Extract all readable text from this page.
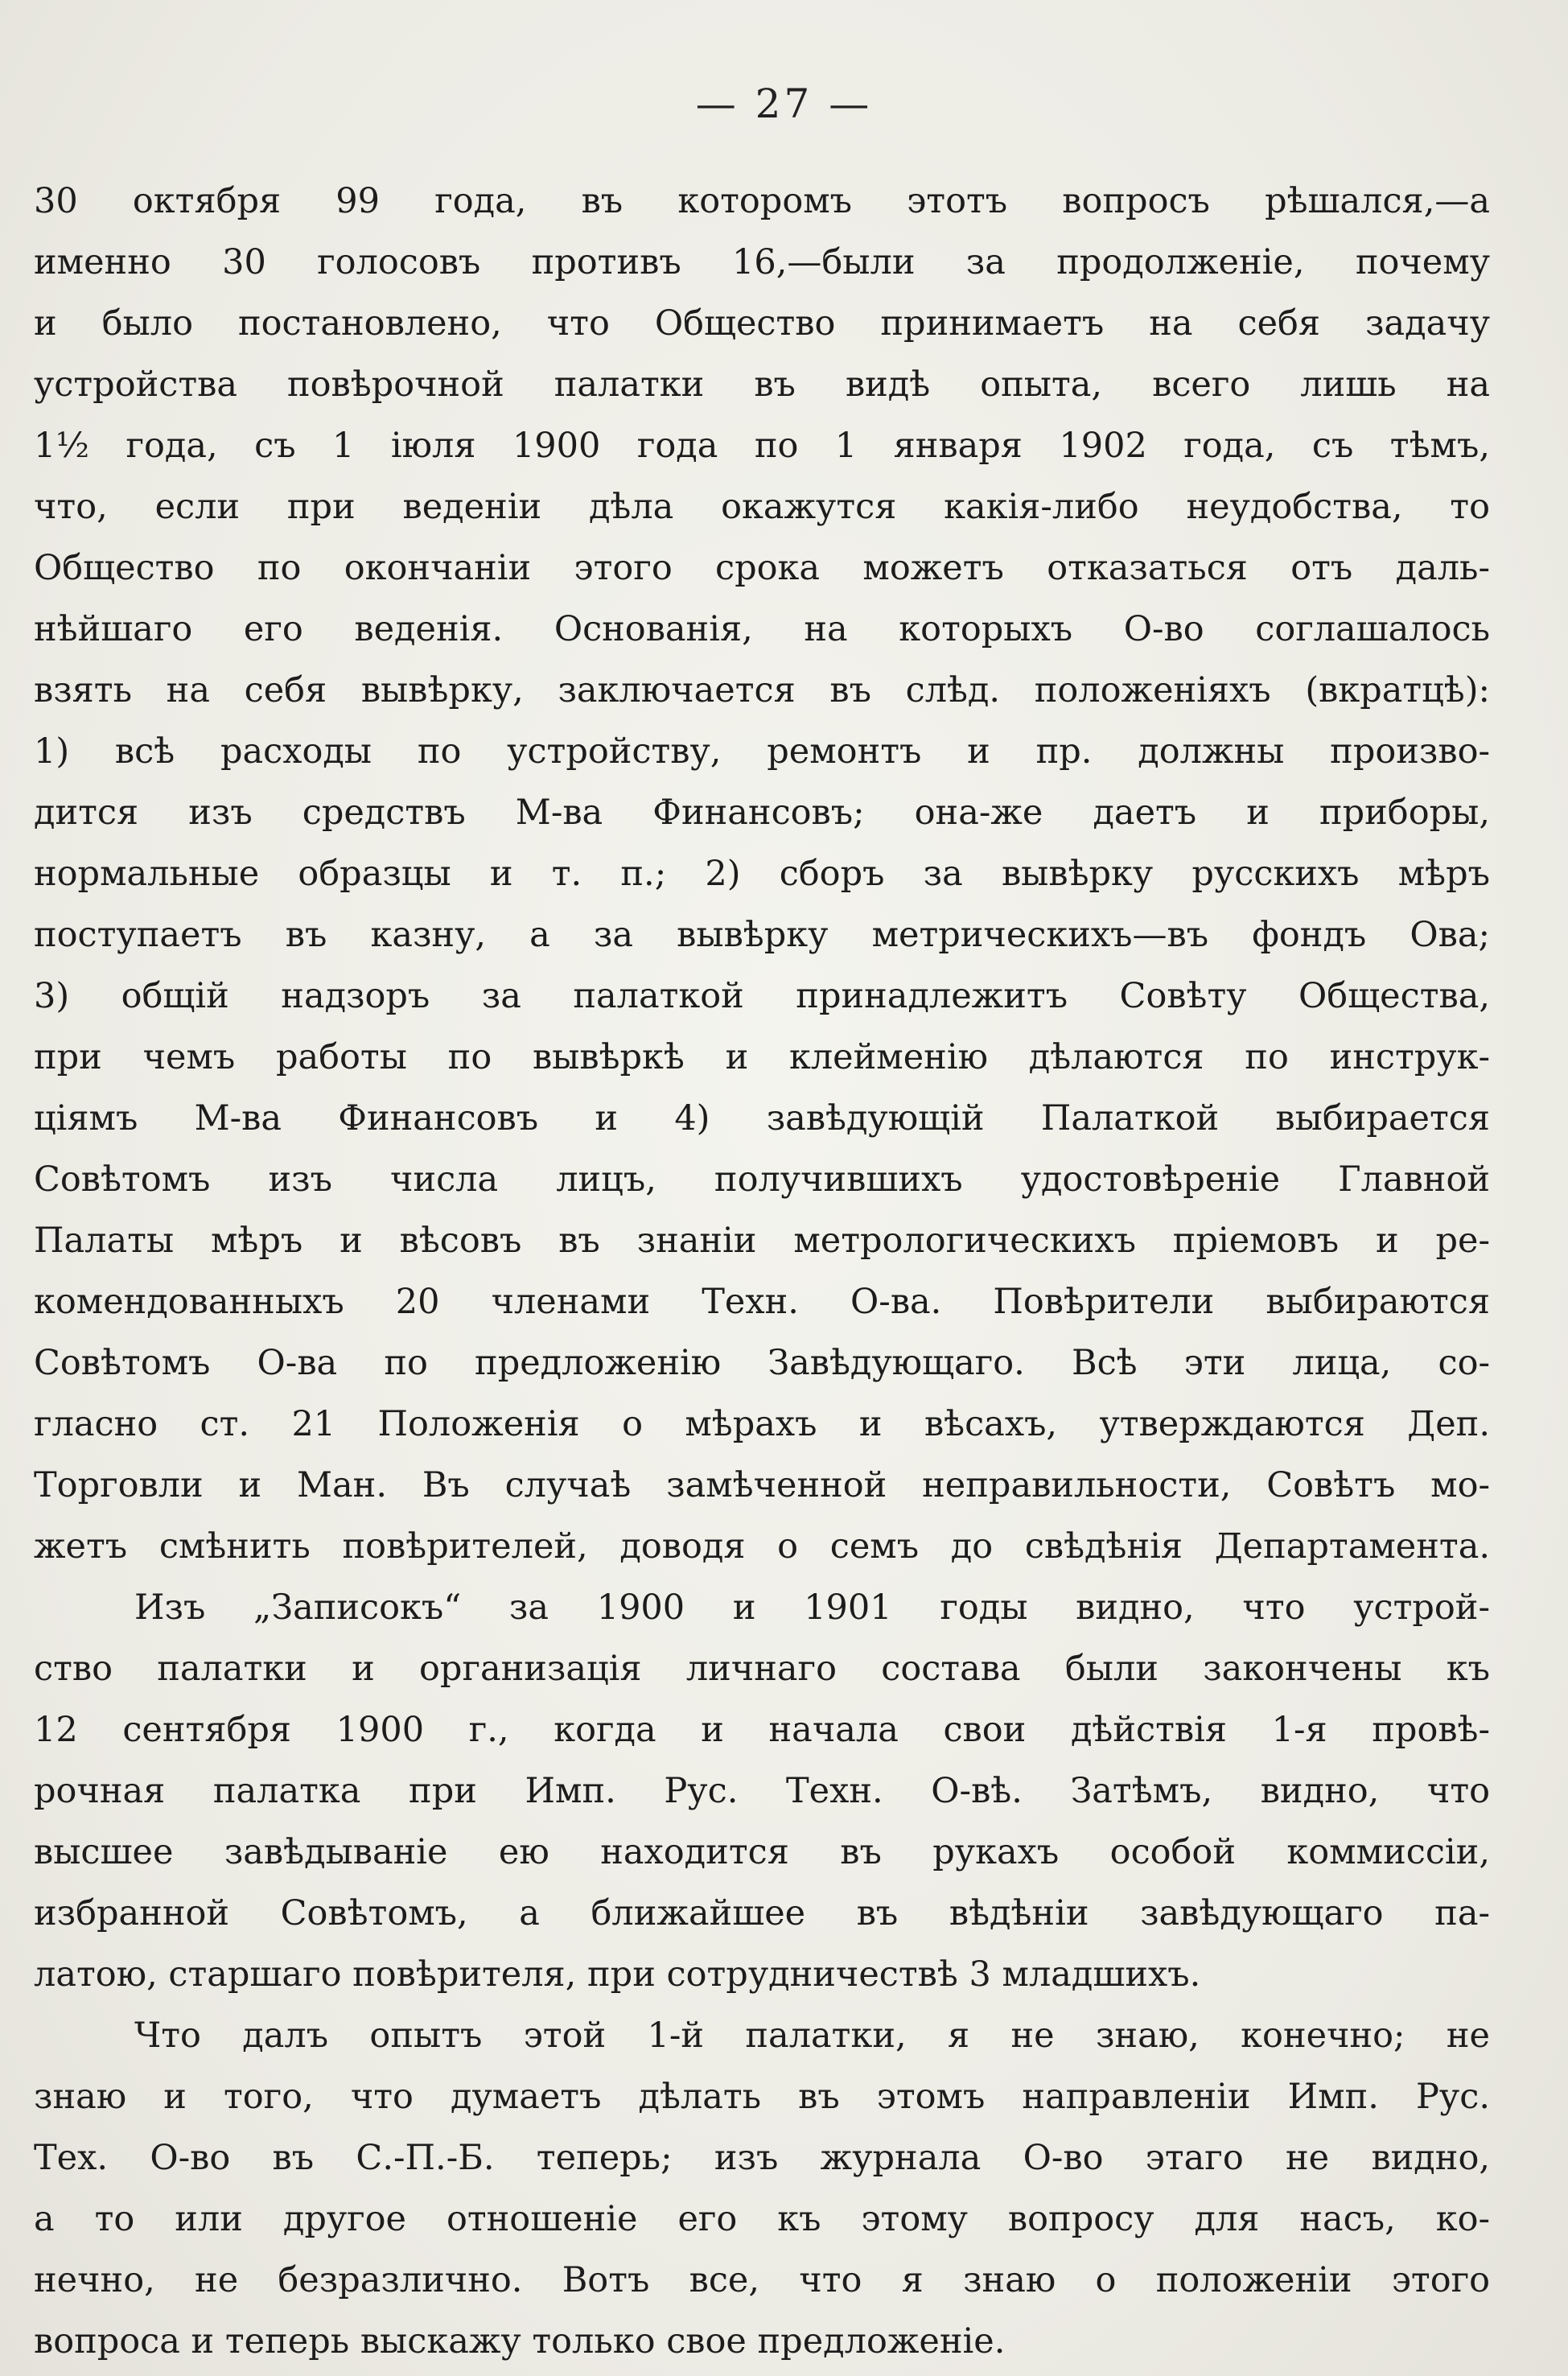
— 27 —

30 октября 99 года, въ которомъ этотъ вопросъ рѣшался,—а
именно 30 голосовъ противъ 16,—были за продолженіе, почему
и было постановлено, что Общество принимаетъ на себя задачу
устройства повѣрочной палатки въ видѣ опыта, всего лишь на
1½ года, съ 1 іюля 1900 года по 1 января 1902 года, съ тѣмъ,
что, если при веденіи дѣла окажутся какія-либо неудобства, то
Общество по окончаніи этого срока можетъ отказаться отъ даль-
нѣйшаго его веденія. Основанія, на которыхъ О-во соглашалось
взять на себя вывѣрку, заключается въ слѣд. положеніяхъ (вкратцѣ):
1) всѣ расходы по устройству, ремонтъ и пр. должны произво-
дится изъ средствъ М-ва Финансовъ; она-же даетъ и приборы,
нормальные образцы и т. п.; 2) сборъ за вывѣрку русскихъ мѣръ
поступаетъ въ казну, а за вывѣрку метрическихъ—въ фондъ Ова;
3) общій надзоръ за палаткой принадлежитъ Совѣту Общества,
при чемъ работы по вывѣркѣ и клейменію дѣлаются по инструк-
ціямъ М-ва Финансовъ и 4) завѣдующій Палаткой выбирается
Совѣтомъ изъ числа лицъ, получившихъ удостовѣреніе Главной
Палаты мѣръ и вѣсовъ въ знаніи метрологическихъ пріемовъ и ре-
комендованныхъ 20 членами Техн. О-ва. Повѣрители выбираются
Совѣтомъ О-ва по предложенію Завѣдующаго. Всѣ эти лица, со-
гласно ст. 21 Положенія о мѣрахъ и вѣсахъ, утверждаются Деп.
Торговли и Ман. Въ случаѣ замѣченной неправильности, Совѣтъ мо-
жетъ смѣнить повѣрителей, доводя о семъ до свѣдѣнія Департамента.

Изъ „Записокъ“ за 1900 и 1901 годы видно, что устрой-
ство палатки и организація личнаго состава были закончены къ
12 сентября 1900 г., когда и начала свои дѣйствія 1-я провѣ-
рочная палатка при Имп. Рус. Техн. О-вѣ. Затѣмъ, видно, что
высшее завѣдываніе ею находится въ рукахъ особой коммиссіи,
избранной Совѣтомъ, а ближайшее въ вѣдѣніи завѣдующаго па-
латою, старшаго повѣрителя, при сотрудничествѣ 3 младшихъ.

Что далъ опытъ этой 1-й палатки, я не знаю, конечно; не
знаю и того, что думаетъ дѣлать въ этомъ направленіи Имп. Рус.
Тех. О-во въ С.-П.-Б. теперь; изъ журнала О-во этаго не видно,
а то или другое отношеніе его къ этому вопросу для насъ, ко-
нечно, не безразлично. Вотъ все, что я знаю о положеніи этого
вопроса и теперь выскажу только свое предложеніе.
